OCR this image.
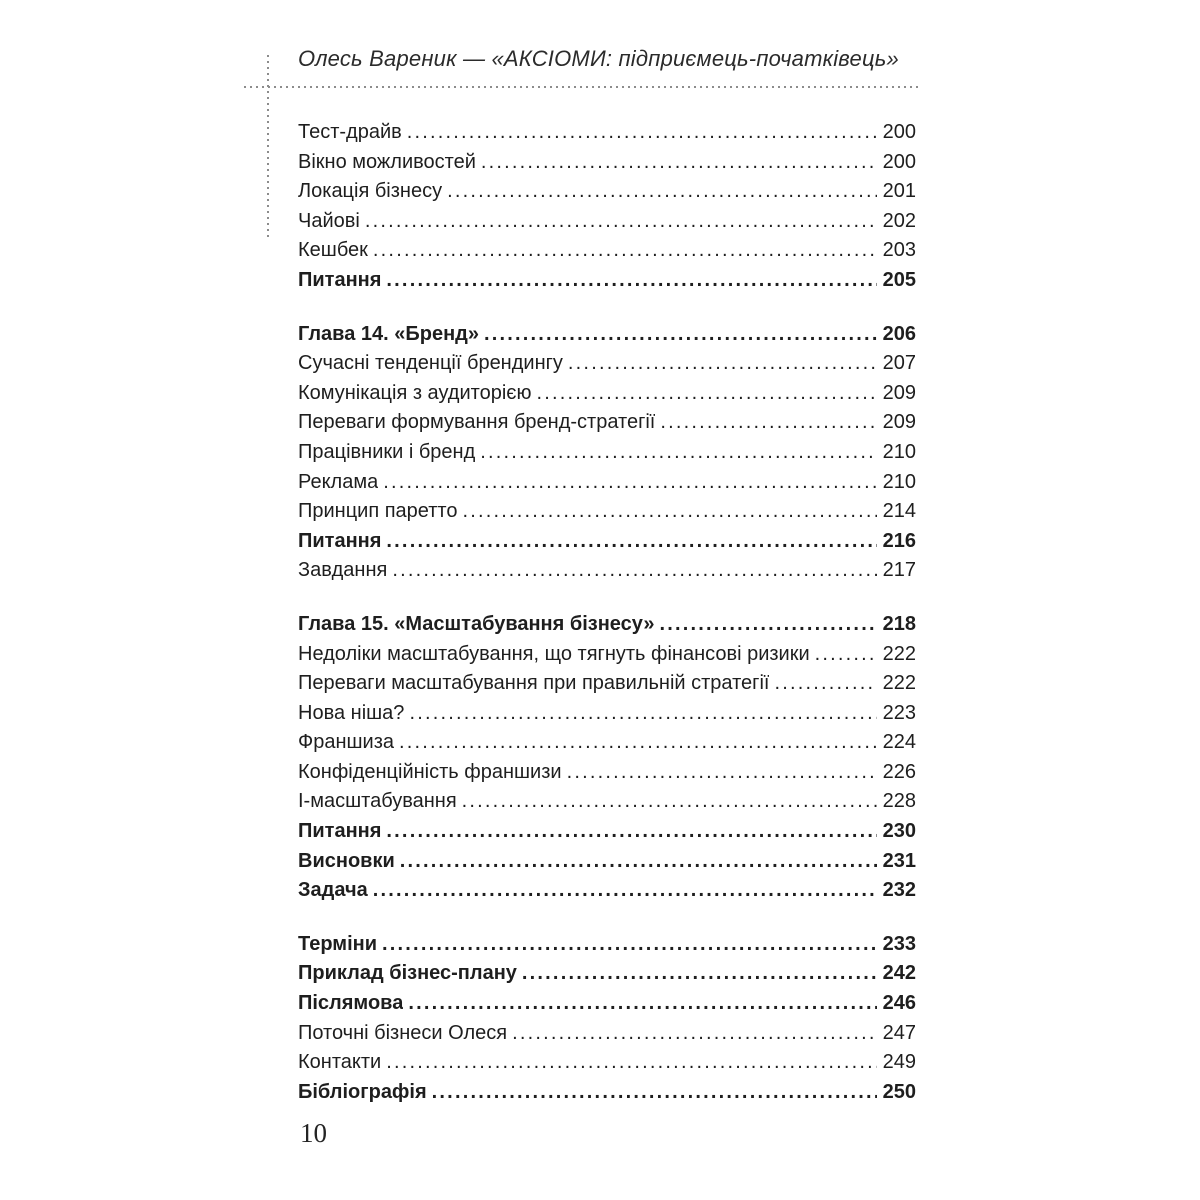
Олесь Вареник — «АКСІОМИ: підприємець-початківець»
Тест-драйв .....	200
Вікно можливостей .....	200
Локація бізнесу .....	201
Чайові .....	202
Кешбек .....	203
Питання .....	205
Глава 14. «Бренд» .....	206
Сучасні тенденції брендингу .....	207
Комунікація з аудиторією .....	209
Переваги формування бренд-стратегії .....	209
Працівники і бренд .....	210
Реклама .....	210
Принцип паретто .....	214
Питання .....	216
Завдання .....	217
Глава 15. «Масштабування бізнесу» .....	218
Недоліки масштабування, що тягнуть фінансові ризики .....	222
Переваги масштабування при правильній стратегії .....	222
Нова ніша? .....	223
Франшиза .....	224
Конфіденційність франшизи .....	226
І-масштабування .....	228
Питання .....	230
Висновки .....	231
Задача .....	232
Терміни .....	233
Приклад бізнес-плану .....	242
Післямова .....	246
Поточні бізнеси Олеся .....	247
Контакти .....	249
Бібліографія .....	250
10
